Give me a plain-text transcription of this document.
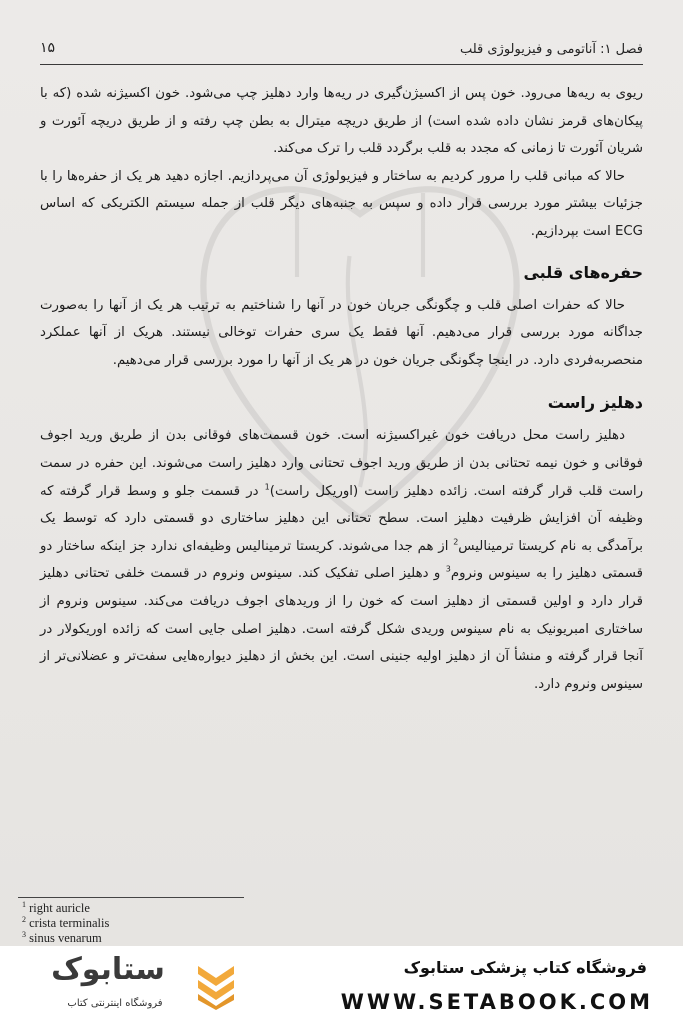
فصل ۱: آناتومی و فیزیولوژی قلب
۱۵

ریوی به ریه‌ها می‌رود. خون پس از اکسیژن‌گیری در ریه‌ها وارد دهلیز چپ می‌شود. خون اکسیژنه شده (که با پیکان‌های قرمز نشان داده شده است) از طریق دریچه میترال به بطن چپ رفته و از طریق دریچه آئورت و شریان آئورت تا زمانی که مجدد به قلب برگردد قلب را ترک می‌کند.

حالا که مبانی قلب را مرور کردیم به ساختار و فیزیولوژی آن می‌پردازیم. اجازه دهید هر یک از حفره‌ها را با جزئیات بیشتر مورد بررسی قرار داده و سپس به جنبه‌های دیگر قلب از جمله سیستم الکتریکی که اساس ECG است بپردازیم.

حفره‌های قلبی

حالا که حفرات اصلی قلب و چگونگی جریان خون در آنها را شناختیم به ترتیب هر یک از آنها را به‌صورت جداگانه مورد بررسی قرار می‌دهیم. آنها فقط یک سری حفرات توخالی نیستند. هریک از آنها عملکرد منحصربه‌فردی دارد. در اینجا چگونگی جریان خون در هر یک از آنها را مورد بررسی قرار می‌دهیم.

دهلیز راست

دهلیز راست محل دریافت خون غیراکسیژنه است. خون قسمت‌های فوقانی بدن از طریق ورید اجوف فوقانی و خون نیمه تحتانی بدن از طریق ورید اجوف تحتانی وارد دهلیز راست می‌شوند. این حفره در سمت راست قلب قرار گرفته است. زائده دهلیز راست (اوریکل راست)$^1$ در قسمت جلو و وسط قرار گرفته که وظیفه آن افزایش ظرفیت دهلیز است. سطح تحتانی این دهلیز ساختاری دو قسمتی دارد که توسط یک برآمدگی به نام کریستا ترمینالیس$^2$ از هم جدا می‌شوند. کریستا ترمینالیس وظیفه‌ای ندارد جز اینکه ساختار دو قسمتی دهلیز را به سینوس ونروم$^3$ و دهلیز اصلی تفکیک کند. سینوس ونروم در قسمت خلفی تحتانی دهلیز قرار دارد و اولین قسمتی از دهلیز است که خون را از وریدهای اجوف دریافت می‌کند. سینوس ونروم از ساختاری امبریونیک به نام سینوس وریدی شکل گرفته است. دهلیز اصلی جایی است که زائده اوریکولار در آنجا قرار گرفته و منشأ آن از دهلیز اولیه جنینی است. این بخش از دهلیز دیواره‌هایی سفت‌تر و عضلانی‌تر از سینوس ونروم دارد.

$^1$ right auricle
$^2$ crista terminalis
$^3$ sinus venarum
ستابوک
فروشگاه اینترنتی کتاب
فروشگاه کتاب پزشکی ستابوک
WWW.SETABOOK.COM
